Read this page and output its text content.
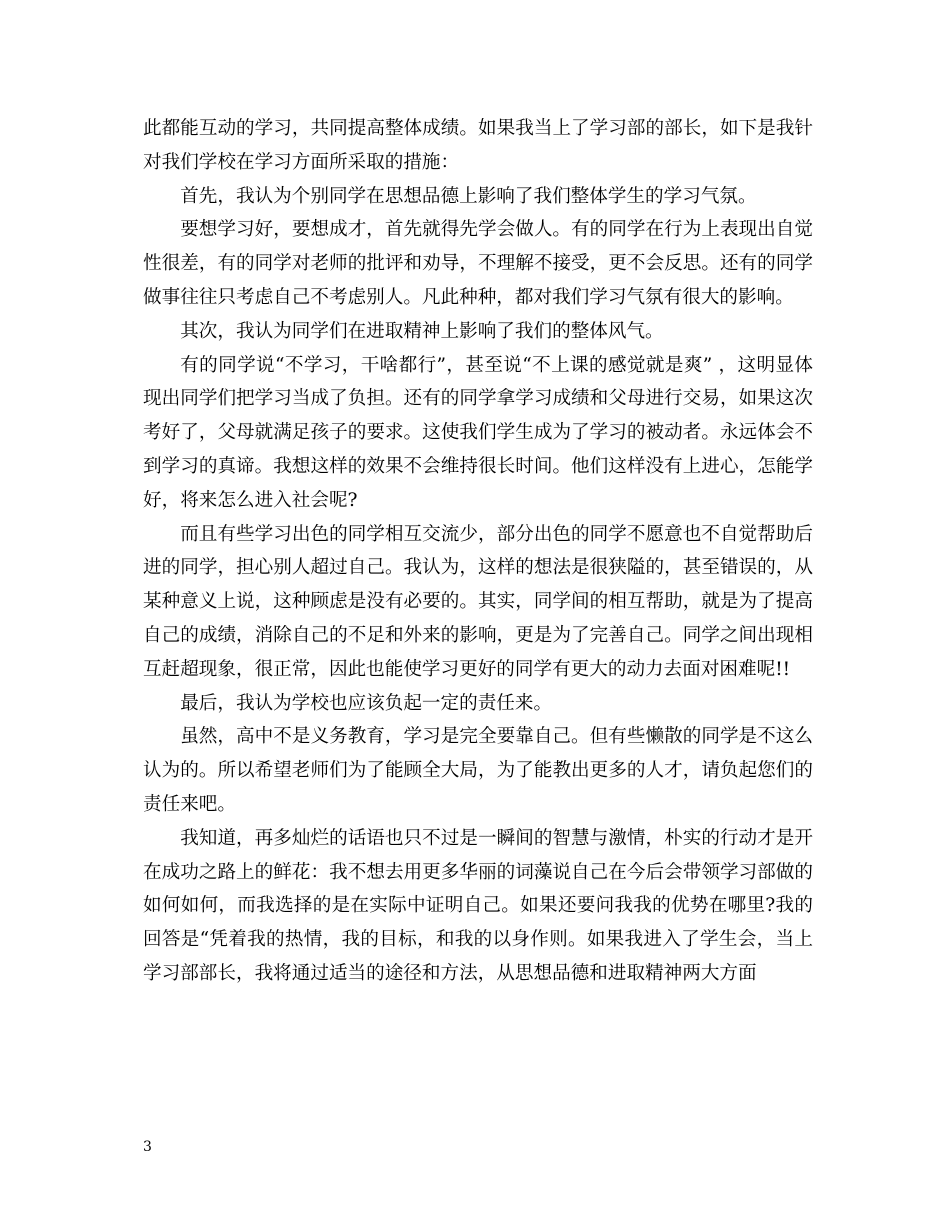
此都能互动的学习，共同提高整体成绩。如果我当上了学习部的部长，如下是我针对我们学校在学习方面所采取的措施：

首先，我认为个别同学在思想品德上影响了我们整体学生的学习气氛。

要想学习好，要想成才，首先就得先学会做人。有的同学在行为上表现出自觉性很差，有的同学对老师的批评和劝导，不理解不接受，更不会反思。还有的同学做事往往只考虑自己不考虑别人。凡此种种，都对我们学习气氛有很大的影响。

其次，我认为同学们在进取精神上影响了我们的整体风气。

有的同学说“不学习，干啥都行”，甚至说“不上课的感觉就是爽” ，这明显体现出同学们把学习当成了负担。还有的同学拿学习成绩和父母进行交易，如果这次考好了，父母就满足孩子的要求。这使我们学生成为了学习的被动者。永远体会不到学习的真谛。我想这样的效果不会维持很长时间。他们这样没有上进心，怎能学好，将来怎么进入社会呢?

而且有些学习出色的同学相互交流少，部分出色的同学不愿意也不自觉帮助后进的同学，担心别人超过自己。我认为，这样的想法是很狭隘的，甚至错误的，从某种意义上说，这种顾虑是没有必要的。其实，同学间的相互帮助，就是为了提高自己的成绩，消除自己的不足和外来的影响，更是为了完善自己。同学之间出现相互赶超现象，很正常，因此也能使学习更好的同学有更大的动力去面对困难呢!!

最后，我认为学校也应该负起一定的责任来。

虽然，高中不是义务教育，学习是完全要靠自己。但有些懒散的同学是不这么认为的。所以希望老师们为了能顾全大局，为了能教出更多的人才，请负起您们的责任来吧。

我知道，再多灿烂的话语也只不过是一瞬间的智慧与激情，朴实的行动才是开在成功之路上的鲜花：我不想去用更多华丽的词藻说自己在今后会带领学习部做的如何如何，而我选择的是在实际中证明自己。如果还要问我我的优势在哪里?我的回答是“凭着我的热情，我的目标，和我的以身作则。如果我进入了学生会，当上学习部部长，我将通过适当的途径和方法，从思想品德和进取精神两大方面

3
